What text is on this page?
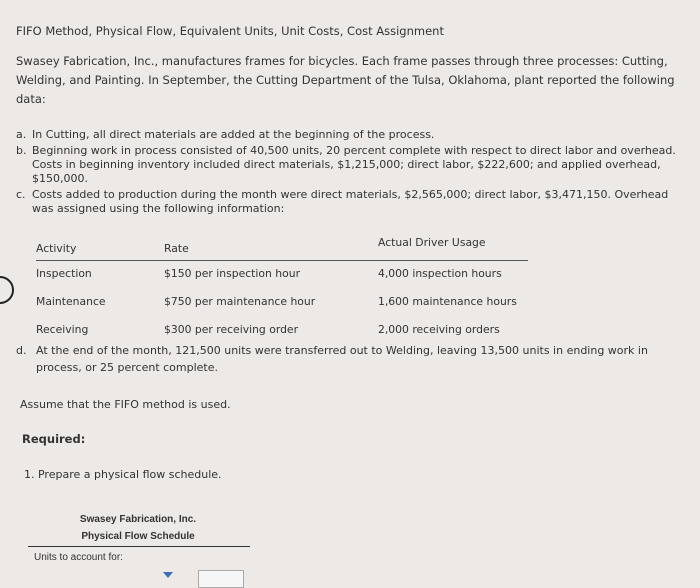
FIFO Method, Physical Flow, Equivalent Units, Unit Costs, Cost Assignment
Swasey Fabrication, Inc., manufactures frames for bicycles. Each frame passes through three processes: Cutting, Welding, and Painting. In September, the Cutting Department of the Tulsa, Oklahoma, plant reported the following data:
a. In Cutting, all direct materials are added at the beginning of the process.
b. Beginning work in process consisted of 40,500 units, 20 percent complete with respect to direct labor and overhead. Costs in beginning inventory included direct materials, $1,215,000; direct labor, $222,600; and applied overhead, $150,000.
c. Costs added to production during the month were direct materials, $2,565,000; direct labor, $3,471,150. Overhead was assigned using the following information:
Activity	Rate	Actual Driver Usage
Inspection	$150 per inspection hour	4,000 inspection hours
Maintenance	$750 per maintenance hour	1,600 maintenance hours
Receiving	$300 per receiving order	2,000 receiving orders
d. At the end of the month, 121,500 units were transferred out to Welding, leaving 13,500 units in ending work in process, or 25 percent complete.
Assume that the FIFO method is used.
Required:
1. Prepare a physical flow schedule.
Swasey Fabrication, Inc.
Physical Flow Schedule
Units to account for:
